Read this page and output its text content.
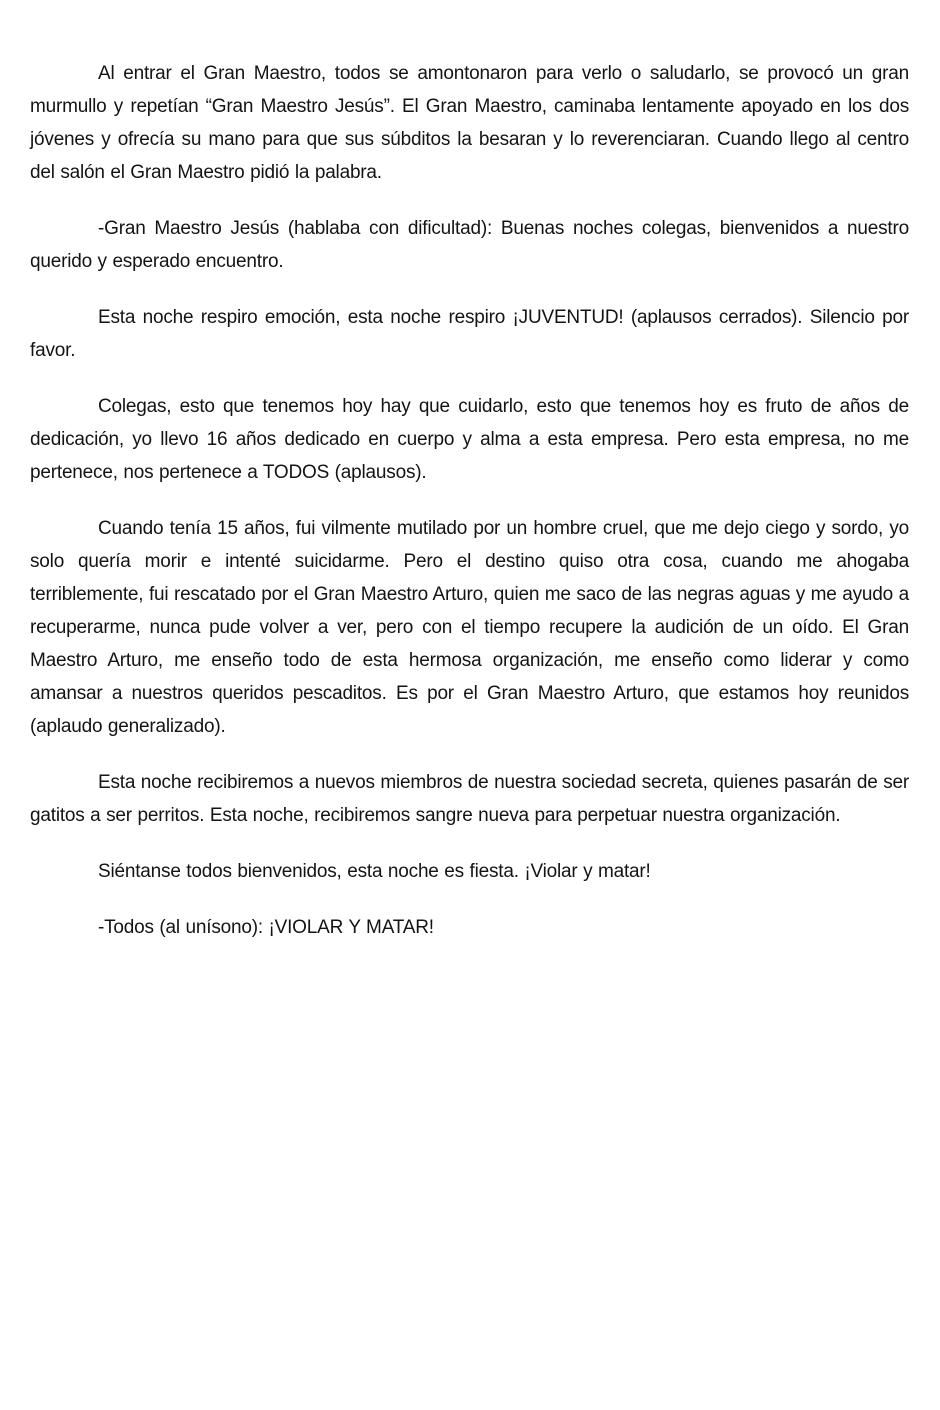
Al entrar el Gran Maestro, todos se amontonaron para verlo o saludarlo, se provocó un gran murmullo y repetían “Gran Maestro Jesús”. El Gran Maestro, caminaba lentamente apoyado en los dos jóvenes y ofrecía su mano para que sus súbditos la besaran y lo reverenciaran. Cuando llego al centro del salón el Gran Maestro pidió la palabra.

-Gran Maestro Jesús (hablaba con dificultad): Buenas noches colegas, bienvenidos a nuestro querido y esperado encuentro.

Esta noche respiro emoción, esta noche respiro ¡JUVENTUD! (aplausos cerrados). Silencio por favor.

Colegas, esto que tenemos hoy hay que cuidarlo, esto que tenemos hoy es fruto de años de dedicación, yo llevo 16 años dedicado en cuerpo y alma a esta empresa. Pero esta empresa, no me pertenece, nos pertenece a TODOS (aplausos).

Cuando tenía 15 años, fui vilmente mutilado por un hombre cruel, que me dejo ciego y sordo, yo solo quería morir e intenté suicidarme. Pero el destino quiso otra cosa, cuando me ahogaba terriblemente, fui rescatado por el Gran Maestro Arturo, quien me saco de las negras aguas y me ayudo a recuperarme, nunca pude volver a ver, pero con el tiempo recupere la audición de un oído. El Gran Maestro Arturo, me enseño todo de esta hermosa organización, me enseño como liderar y como amansar a nuestros queridos pescaditos. Es por el Gran Maestro Arturo, que estamos hoy reunidos (aplaudo generalizado).

Esta noche recibiremos a nuevos miembros de nuestra sociedad secreta, quienes pasarán de ser gatitos a ser perritos. Esta noche, recibiremos sangre nueva para perpetuar nuestra organización.

Siéntanse todos bienvenidos, esta noche es fiesta. ¡Violar y matar!

-Todos (al unísono): ¡VIOLAR Y MATAR!
